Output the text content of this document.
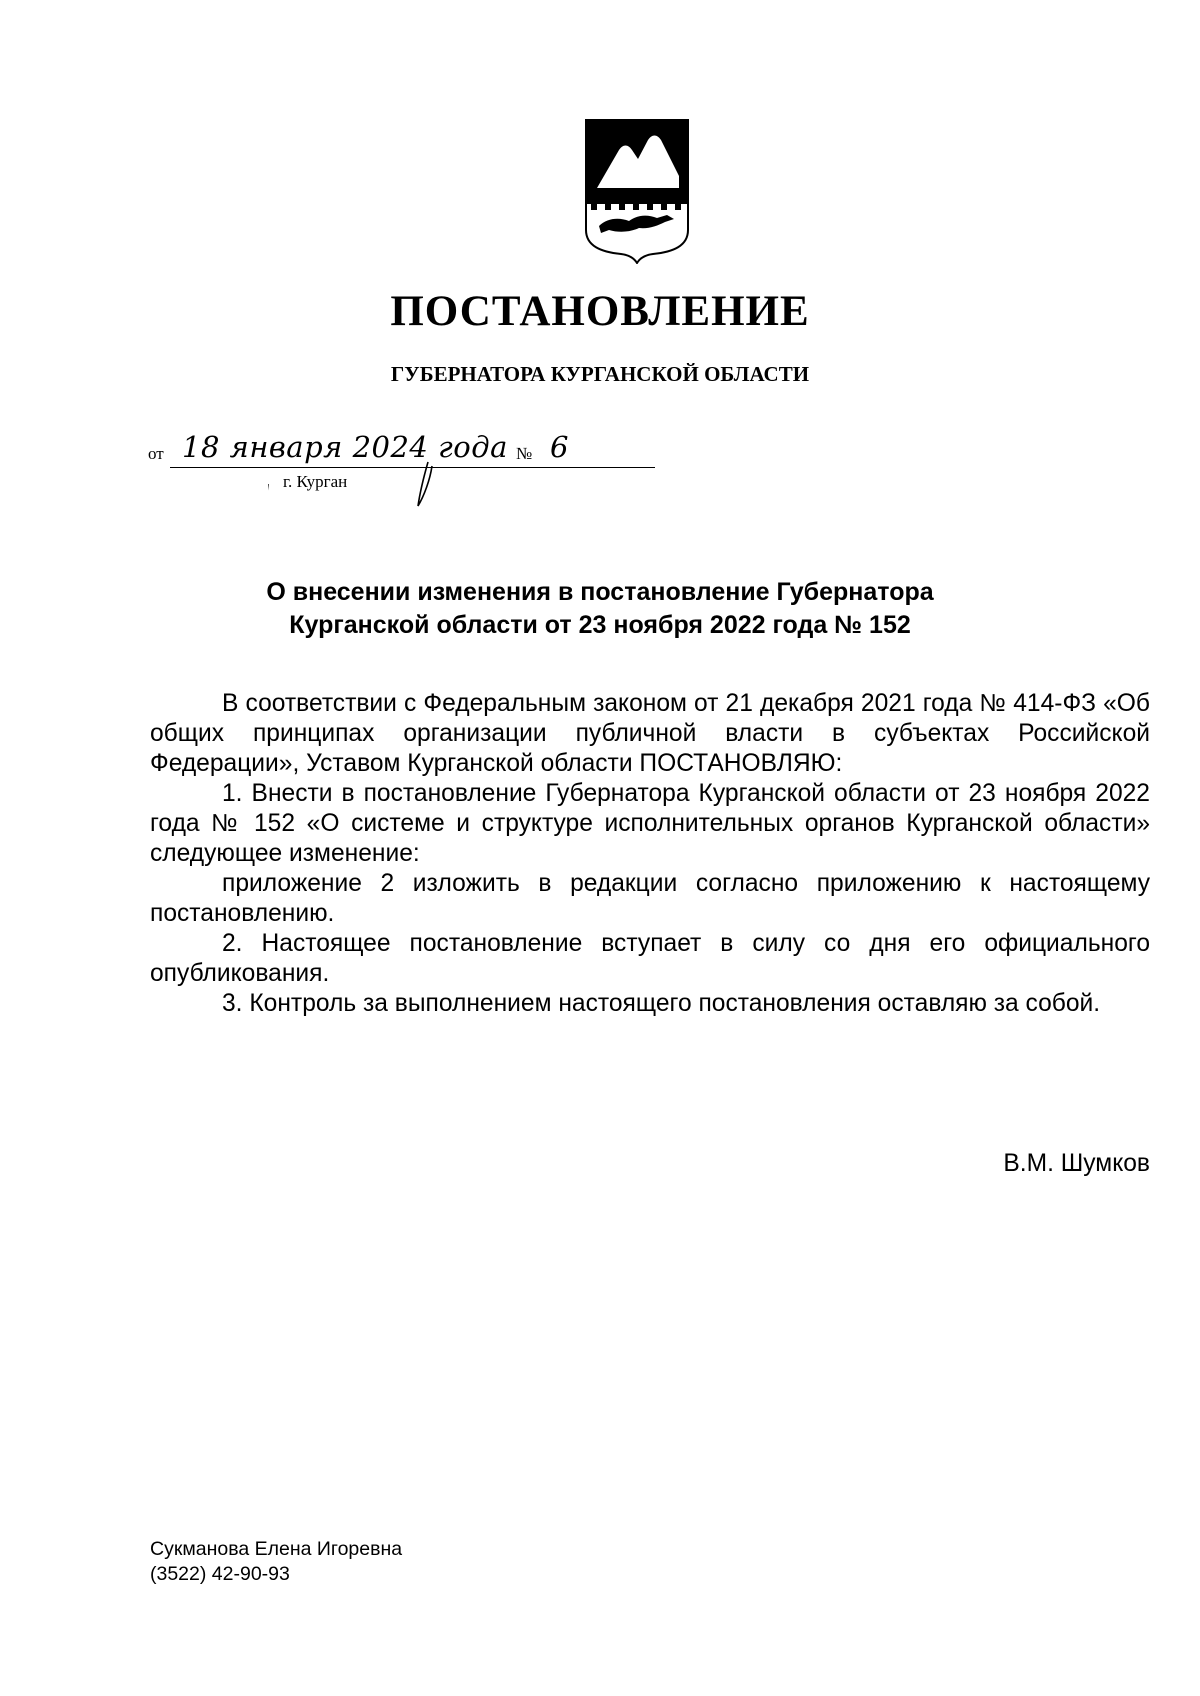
ПОСТАНОВЛЕНИЕ
ГУБЕРНАТОРА КУРГАНСКОЙ ОБЛАСТИ
от 18 января 2024 года № 6
г. Курган
О внесении изменения в постановление Губернатора
Курганской области от 23 ноября 2022 года № 152

В соответствии с Федеральным законом от 21 декабря 2021 года № 414-ФЗ «Об общих принципах организации публичной власти в субъектах Российской Федерации», Уставом Курганской области ПОСТАНОВЛЯЮ:

1. Внести в постановление Губернатора Курганской области от 23 ноября 2022 года № 152 «О системе и структуре исполнительных органов Курганской области» следующее изменение:

приложение 2 изложить в редакции согласно приложению к настоящему постановлению.

2. Настоящее постановление вступает в силу со дня его официального опубликования.

3. Контроль за выполнением настоящего постановления оставляю за собой.

В.М. Шумков
Сукманова Елена Игоревна
(3522) 42-90-93
